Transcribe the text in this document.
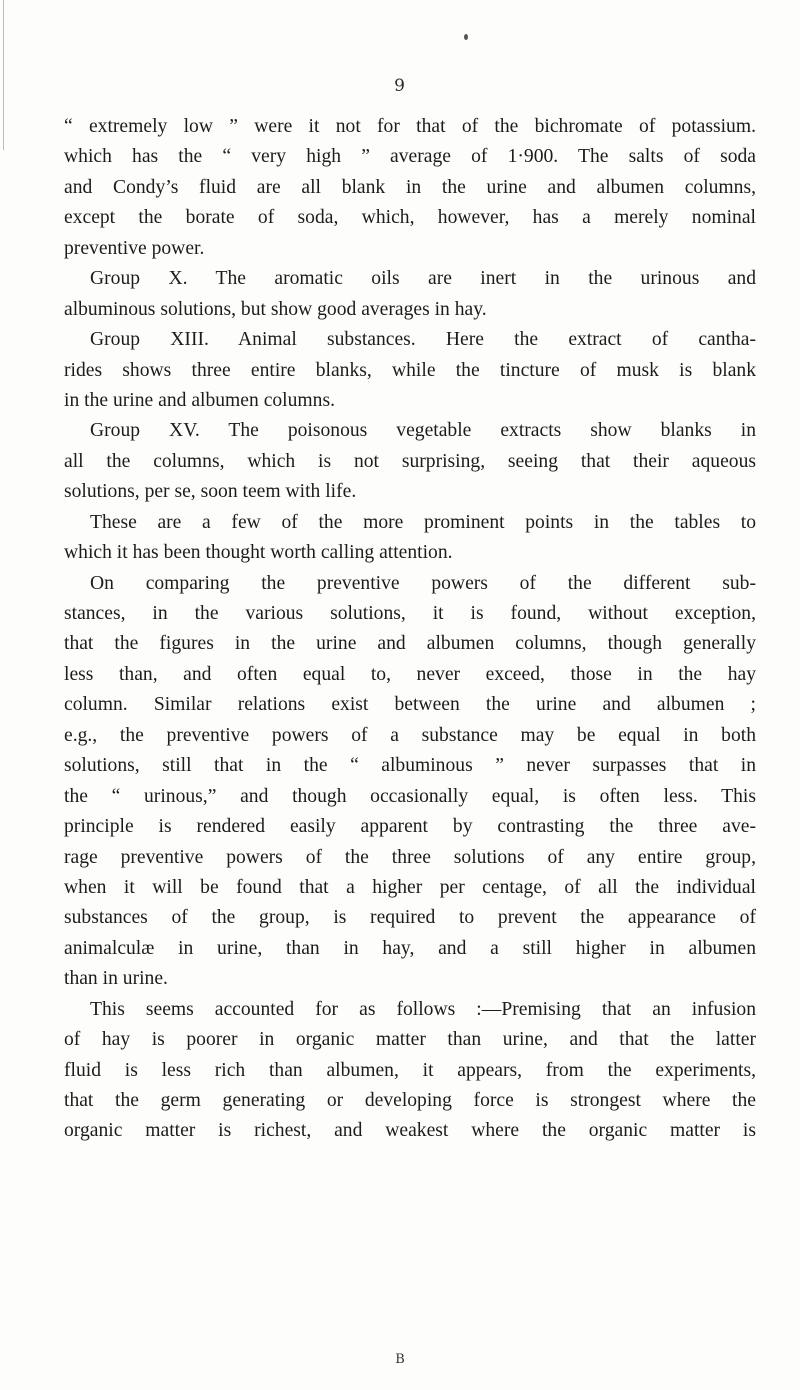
9
“ extremely low ” were it not for that of the bichromate of potassium.
which has the “ very high ” average of 1·900. The salts of soda
and Condy’s fluid are all blank in the urine and albumen columns,
except the borate of soda, which, however, has a merely nominal
preventive power.
Group X. The aromatic oils are inert in the urinous and
albuminous solutions, but show good averages in hay.
Group XIII. Animal substances. Here the extract of cantha-
rides shows three entire blanks, while the tincture of musk is blank
in the urine and albumen columns.
Group XV. The poisonous vegetable extracts show blanks in
all the columns, which is not surprising, seeing that their aqueous
solutions, per se, soon teem with life.
These are a few of the more prominent points in the tables to
which it has been thought worth calling attention.
On comparing the preventive powers of the different sub-
stances, in the various solutions, it is found, without exception,
that the figures in the urine and albumen columns, though generally
less than, and often equal to, never exceed, those in the hay
column. Similar relations exist between the urine and albumen ;
e.g., the preventive powers of a substance may be equal in both
solutions, still that in the “ albuminous ” never surpasses that in
the “ urinous,” and though occasionally equal, is often less. This
principle is rendered easily apparent by contrasting the three ave-
rage preventive powers of the three solutions of any entire group,
when it will be found that a higher per centage, of all the individual
substances of the group, is required to prevent the appearance of
animalculæ in urine, than in hay, and a still higher in albumen
than in urine.
This seems accounted for as follows :—Premising that an infusion
of hay is poorer in organic matter than urine, and that the latter
fluid is less rich than albumen, it appears, from the experiments,
that the germ generating or developing force is strongest where the
organic matter is richest, and weakest where the organic matter is
B
